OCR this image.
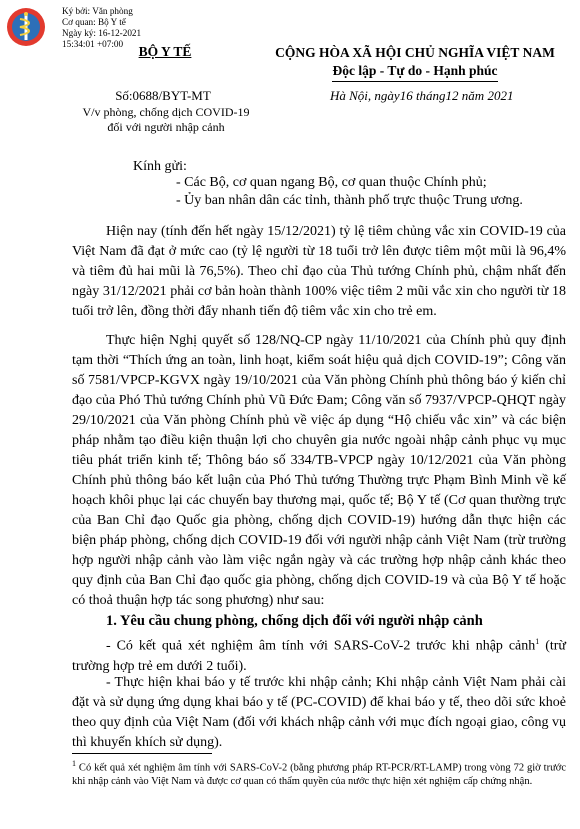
Ký bởi: Văn phòng
Cơ quan: Bộ Y tế
Ngày ký: 16-12-2021
15:34:01 +07:00	BỘ Y TẾ	CỘNG HÒA XÃ HỘI CHỦ NGHĨA VIỆT NAM
Độc lập - Tự do - Hạnh phúc
Số:0688/BYT-MT
V/v phòng, chống dịch COVID-19
đối với người nhập cảnh
Hà Nội, ngày16 tháng12 năm 2021
Kính gửi:
- Các Bộ, cơ quan ngang Bộ, cơ quan thuộc Chính phủ;
- Ủy ban nhân dân các tỉnh, thành phố trực thuộc Trung ương.

Hiện nay (tính đến hết ngày 15/12/2021) tỷ lệ tiêm chủng vắc xin COVID-19 của Việt Nam đã đạt ở mức cao (tỷ lệ người từ 18 tuổi trở lên được tiêm một mũi là 96,4% và tiêm đủ hai mũi là 76,5%). Theo chỉ đạo của Thủ tướng Chính phủ, chậm nhất đến ngày 31/12/2021 phải cơ bản hoàn thành 100% việc tiêm 2 mũi vắc xin cho người từ 18 tuổi trở lên, đồng thời đẩy nhanh tiến độ tiêm vắc xin cho trẻ em.

Thực hiện Nghị quyết số 128/NQ-CP ngày 11/10/2021 của Chính phủ quy định tạm thời “Thích ứng an toàn, linh hoạt, kiểm soát hiệu quả dịch COVID-19”; Công văn số 7581/VPCP-KGVX ngày 19/10/2021 của Văn phòng Chính phủ thông báo ý kiến chỉ đạo của Phó Thủ tướng Chính phủ Vũ Đức Đam; Công văn số 7937/VPCP-QHQT ngày 29/10/2021 của Văn phòng Chính phủ về việc áp dụng “Hộ chiếu vắc xin” và các biện pháp nhằm tạo điều kiện thuận lợi cho chuyên gia nước ngoài nhập cảnh phục vụ mục tiêu phát triển kinh tế; Thông báo số 334/TB-VPCP ngày 10/12/2021 của Văn phòng Chính phủ thông báo kết luận của Phó Thủ tướng Thường trực Phạm Bình Minh về kế hoạch khôi phục lại các chuyến bay thương mại, quốc tế; Bộ Y tế (Cơ quan thường trực của Ban Chỉ đạo Quốc gia phòng, chống dịch COVID-19) hướng dẫn thực hiện các biện pháp phòng, chống dịch COVID-19 đối với người nhập cảnh Việt Nam (trừ trường hợp người nhập cảnh vào làm việc ngắn ngày và các trường hợp nhập cảnh khác theo quy định của Ban Chỉ đạo quốc gia phòng, chống dịch COVID-19 và của Bộ Y tế hoặc có thoả thuận hợp tác song phương) như sau:

1. Yêu cầu chung phòng, chống dịch đối với người nhập cảnh

- Có kết quả xét nghiệm âm tính với SARS-CoV-2 trước khi nhập cảnh$^1$ (trừ trường hợp trẻ em dưới 2 tuổi).

- Thực hiện khai báo y tế trước khi nhập cảnh; Khi nhập cảnh Việt Nam phải cài đặt và sử dụng ứng dụng khai báo y tế (PC-COVID) để khai báo y tế, theo dõi sức khoẻ theo quy định của Việt Nam (đối với khách nhập cảnh với mục đích ngoại giao, công vụ thì khuyến khích sử dụng).

$^1$ Có kết quả xét nghiệm âm tính với SARS-CoV-2 (bằng phương pháp RT-PCR/RT-LAMP) trong vòng 72 giờ trước khi nhập cảnh vào Việt Nam và được cơ quan có thẩm quyền của nước thực hiện xét nghiệm cấp chứng nhận.
